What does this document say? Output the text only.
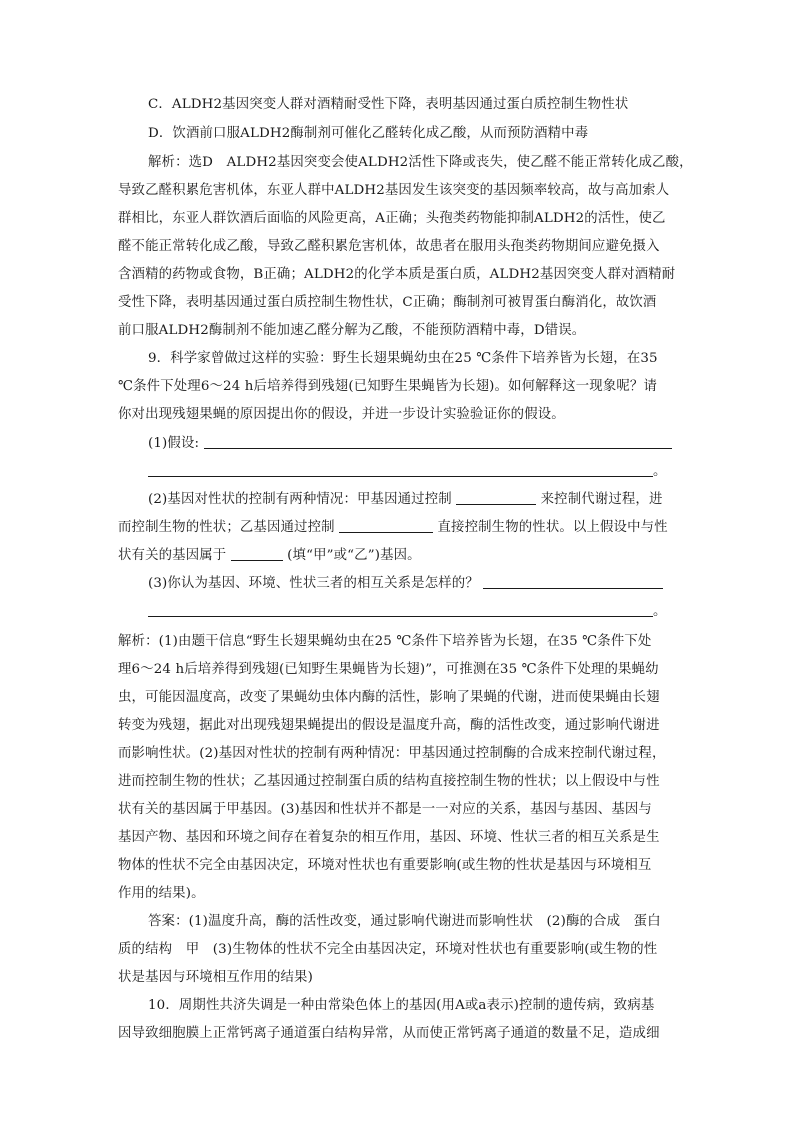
C．ALDH2基因突变人群对酒精耐受性下降，表明基因通过蛋白质控制生物性状
D．饮酒前口服ALDH2酶制剂可催化乙醛转化成乙酸，从而预防酒精中毒
解析：选D　ALDH2基因突变会使ALDH2活性下降或丧失，使乙醛不能正常转化成乙酸，
导致乙醛积累危害机体，东亚人群中ALDH2基因发生该突变的基因频率较高，故与高加索人
群相比，东亚人群饮酒后面临的风险更高，A正确；头孢类药物能抑制ALDH2的活性，使乙
醛不能正常转化成乙酸，导致乙醛积累危害机体，故患者在服用头孢类药物期间应避免摄入
含酒精的药物或食物，B正确；ALDH2的化学本质是蛋白质，ALDH2基因突变人群对酒精耐
受性下降，表明基因通过蛋白质控制生物性状，C正确；酶制剂可被胃蛋白酶消化，故饮酒
前口服ALDH2酶制剂不能加速乙醛分解为乙酸，不能预防酒精中毒，D错误。
9．科学家曾做过这样的实验：野生长翅果蝇幼虫在25 ℃条件下培养皆为长翅，在35
℃条件下处理6～24 h后培养得到残翅(已知野生果蝇皆为长翅)。如何解释这一现象呢？请
你对出现残翅果蝇的原因提出你的假设，并进一步设计实验验证你的假设。
(1)假设:
。
(2)基因对性状的控制有两种情况：甲基因通过控制	来控制代谢过程，进
而控制生物的性状；乙基因通过控制	直接控制生物的性状。以上假设中与性
状有关的基因属于	(填“甲”或“乙”)基因。
(3)你认为基因、环境、性状三者的相互关系是怎样的？
。
解析：(1)由题干信息“野生长翅果蝇幼虫在25 ℃条件下培养皆为长翅，在35 ℃条件下处
理6～24 h后培养得到残翅(已知野生果蝇皆为长翅)”，可推测在35 ℃条件下处理的果蝇幼
虫，可能因温度高，改变了果蝇幼虫体内酶的活性，影响了果蝇的代谢，进而使果蝇由长翅
转变为残翅，据此对出现残翅果蝇提出的假设是温度升高，酶的活性改变，通过影响代谢进
而影响性状。(2)基因对性状的控制有两种情况：甲基因通过控制酶的合成来控制代谢过程，
进而控制生物的性状；乙基因通过控制蛋白质的结构直接控制生物的性状；以上假设中与性
状有关的基因属于甲基因。(3)基因和性状并不都是一一对应的关系，基因与基因、基因与
基因产物、基因和环境之间存在着复杂的相互作用，基因、环境、性状三者的相互关系是生
物体的性状不完全由基因决定，环境对性状也有重要影响(或生物的性状是基因与环境相互
作用的结果)。
答案：(1)温度升高，酶的活性改变，通过影响代谢进而影响性状　(2)酶的合成　蛋白
质的结构　甲　(3)生物体的性状不完全由基因决定，环境对性状也有重要影响(或生物的性
状是基因与环境相互作用的结果)
10．周期性共济失调是一种由常染色体上的基因(用A或a表示)控制的遗传病，致病基
因导致细胞膜上正常钙离子通道蛋白结构异常，从而使正常钙离子通道的数量不足，造成细
